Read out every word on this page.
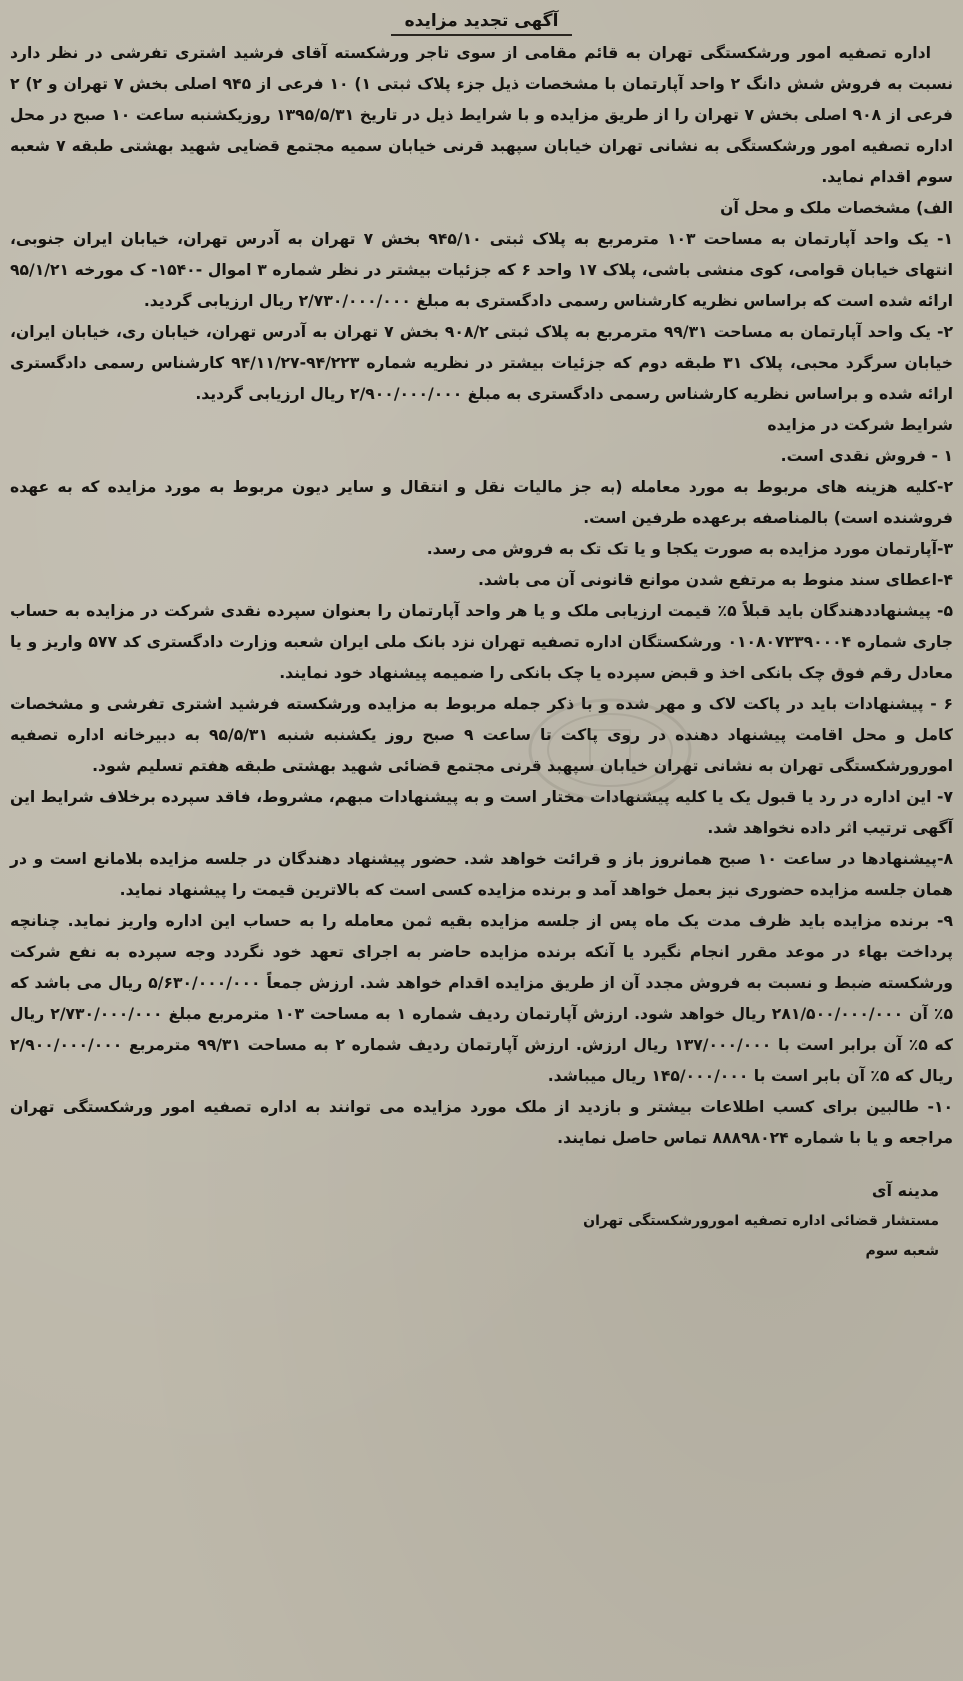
آگهی تجدید مزایده

اداره تصفیه امور ورشکستگی تهران به قائم مقامی از سوی تاجر ورشکسته آقای فرشید اشتری تفرشی در نظر دارد نسبت به فروش شش دانگ ۲ واحد آپارتمان با مشخصات ذیل جزء پلاک ثبتی ۱) ۱۰ فرعی از ۹۴۵ اصلی بخش ۷ تهران و ۲) ۲ فرعی از ۹۰۸ اصلی بخش ۷ تهران را از طریق مزایده و با شرایط ذیل در تاریخ ۱۳۹۵/۵/۳۱ روزیکشنبه ساعت ۱۰ صبح در محل اداره تصفیه امور ورشکستگی به نشانی تهران خیابان سپهبد قرنی خیابان سمیه مجتمع قضایی شهید بهشتی طبقه ۷ شعبه سوم اقدام نماید.

الف) مشخصات ملک و محل آن

۱- یک واحد آپارتمان به مساحت ۱۰۳ مترمربع به پلاک ثبتی ۹۴۵/۱۰ بخش ۷ تهران به آدرس تهران، خیابان ایران جنوبی، انتهای خیابان قوامی، کوی منشی باشی، پلاک ۱۷ واحد ۶ که جزئیات بیشتر در نظر شماره ۳ اموال -۱۵۴۰- ک مورخه ۹۵/۱/۲۱ ارائه شده است که براساس نظریه کارشناس رسمی دادگستری به مبلغ ۲/۷۳۰/۰۰۰/۰۰۰ ریال ارزیابی گردید.

۲- یک واحد آپارتمان به مساحت ۹۹/۳۱ مترمربع به پلاک ثبتی ۹۰۸/۲ بخش ۷ تهران به آدرس تهران، خیابان ری، خیابان ایران، خیابان سرگرد محبی، پلاک ۳۱ طبقه دوم که جزئیات بیشتر در نظریه شماره ۹۴/۲۲۳-۹۴/۱۱/۲۷ کارشناس رسمی دادگستری ارائه شده و براساس نظریه کارشناس رسمی دادگستری به مبلغ ۲/۹۰۰/۰۰۰/۰۰۰ ریال ارزیابی گردید.

شرایط شرکت در مزایده

۱ - فروش نقدی است.

۲-کلیه هزینه های مربوط به مورد معامله (به جز مالیات نقل و انتقال و سایر دیون مربوط به مورد مزایده که به عهده فروشنده است) بالمناصفه برعهده طرفین است.

۳-آپارتمان مورد مزایده به صورت یکجا و یا تک تک به فروش می رسد.

۴-اعطای سند منوط به مرتفع شدن موانع قانونی آن می باشد.

۵- پیشنهاددهندگان باید قبلاً ۵٪ قیمت ارزیابی ملک و یا هر واحد آپارتمان را بعنوان سپرده نقدی شرکت در مزایده به حساب جاری شماره ۰۱۰۸۰۷۳۳۹۰۰۰۴ ورشکستگان اداره تصفیه تهران نزد بانک ملی ایران شعبه وزارت دادگستری کد ۵۷۷ واریز و یا معادل رقم فوق چک بانکی اخذ و قبض سپرده یا چک بانکی را ضمیمه پیشنهاد خود نمایند.

۶ - پیشنهادات باید در پاکت لاک و مهر شده و با ذکر جمله مربوط به مزایده ورشکسته فرشید اشتری تفرشی و مشخصات کامل و محل اقامت پیشنهاد دهنده در روی پاکت تا ساعت ۹ صبح روز یکشنبه شنبه ۹۵/۵/۳۱ به دبیرخانه اداره تصفیه امورورشکستگی تهران به نشانی تهران خیابان سپهبد قرنی مجتمع قضائی شهید بهشتی طبقه هفتم تسلیم شود.

۷- این اداره در رد یا قبول یک یا کلیه پیشنهادات مختار است و به پیشنهادات مبهم، مشروط، فاقد سپرده برخلاف شرایط این آگهی ترتیب اثر داده نخواهد شد.

۸-پیشنهادها در ساعت ۱۰ صبح همانروز باز و قرائت خواهد شد. حضور پیشنهاد دهندگان در جلسه مزایده بلامانع است و در همان جلسه مزایده حضوری نیز بعمل خواهد آمد و برنده مزایده کسی است که بالاترین قیمت را پیشنهاد نماید.

۹- برنده مزایده باید ظرف مدت یک ماه پس از جلسه مزایده بقیه ثمن معامله را به حساب این اداره واریز نماید. چنانچه پرداخت بهاء در موعد مقرر انجام نگیرد یا آنکه برنده مزایده حاضر به اجرای تعهد خود نگردد وجه سپرده به نفع شرکت ورشکسته ضبط و نسبت به فروش مجدد آن از طریق مزایده اقدام خواهد شد. ارزش جمعاً ۵/۶۳۰/۰۰۰/۰۰۰ ریال می باشد که ۵٪ آن ۲۸۱/۵۰۰/۰۰۰/۰۰۰ ریال خواهد شود. ارزش آپارتمان ردیف شماره ۱ به مساحت ۱۰۳ مترمربع مبلغ ۲/۷۳۰/۰۰۰/۰۰۰ ریال که ۵٪ آن برابر است با ۱۳۷/۰۰۰/۰۰۰ ریال ارزش. ارزش آپارتمان ردیف شماره ۲ به مساحت ۹۹/۳۱ مترمربع ۲/۹۰۰/۰۰۰/۰۰۰ ریال که ۵٪ آن بابر است با ۱۴۵/۰۰۰/۰۰۰ ریال میباشد.

۱۰- طالبین برای کسب اطلاعات بیشتر و بازدید از ملک مورد مزایده می توانند به اداره تصفیه امور ورشکستگی تهران مراجعه و یا با شماره ۸۸۸۹۸۰۲۴ تماس حاصل نمایند.

مدینه آی
مستشار قضائی اداره تصفیه امورورشکستگی تهران
شعبه سوم
